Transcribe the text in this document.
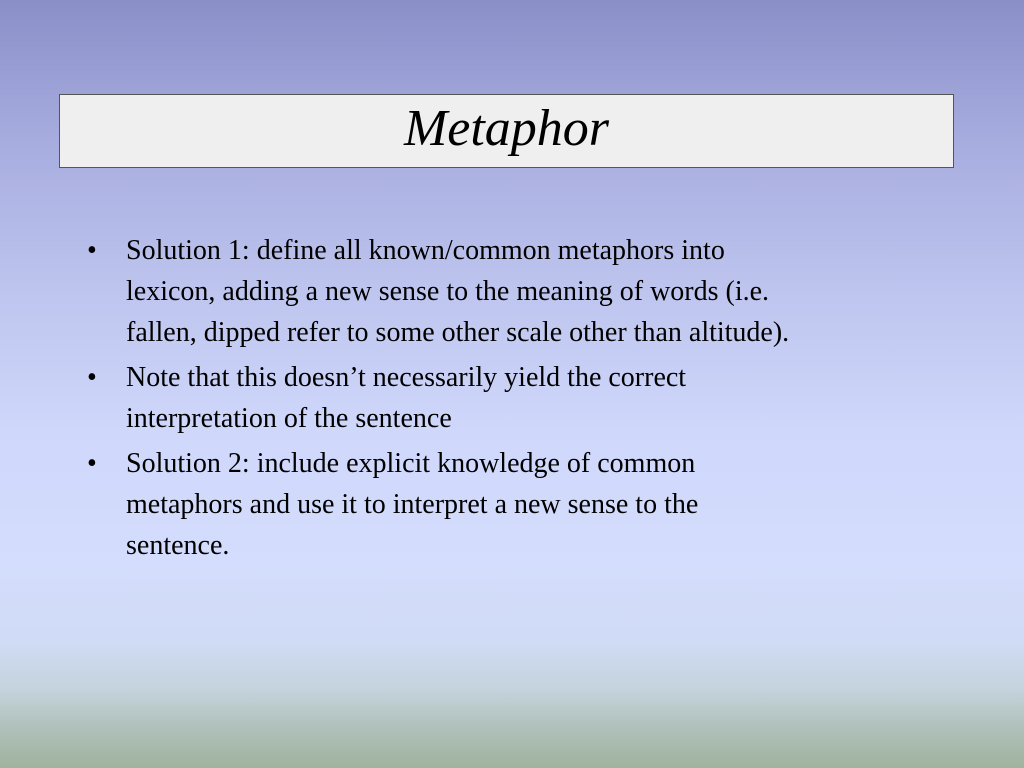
Metaphor
• Solution 1: define all known/common metaphors into
lexicon, adding a new sense to the meaning of words (i.e.
fallen, dipped refer to some other scale other than altitude).
• Note that this doesn’t necessarily yield the correct
interpretation of the sentence
• Solution 2: include explicit knowledge of common
metaphors and use it to interpret a new sense to the
sentence.
